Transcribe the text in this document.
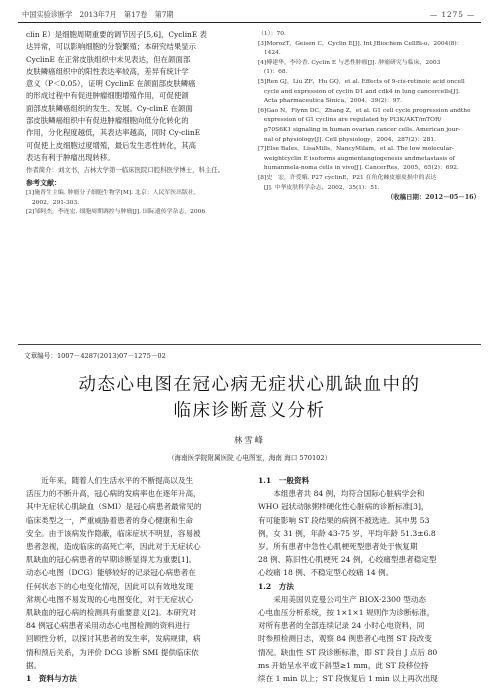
中国实验诊断学　2013年7月　第17卷　第7期	— 1275 —

clin E）是细胞周期重要的调节因子[5,6]，CyclinE 表

达异常，可以影响细胞的分裂繁殖；本研究结果显示

CyclinE 在正常皮肤组织中未见表达，但在颌面部

皮肤鳞癌组织中的阳性表达率较高，差异有统计学

意义（P＜0.05），证明 CyclinE 在颌面部皮肤鳞癌

的形成过程中有促进肿瘤细胞增殖作用，可促使颌

面部皮肤鳞癌组织的发生、发展。Cy-clinE 在颌面

部皮肤鳞癌组织中有促进肿瘤细胞向低分化转化的

作用，分化程度越低，其表达率越高，同时 Cy-clinE

可促使上皮细胞过度增殖，最后发生恶性转化，其高

表达有利于肿瘤出现转移。

作者简介：刘文书，吉林大学第一临床医院口腔科医学博士，科主任。
参考文献：
[1]施普生主编. 肿瘤分子细胞生物学[M]. 北京：人民军医出版社，
　2002，291-303.
[2]邹阿杰，李连宏. 细胞周期调控与肿瘤[J]. 国际遗传学杂志，2006
（1）：70.
[3]MorozT，Geisen C，Cyclin E[J]. Int JBiochem CellBi-o，2004(8)：
　1424.
[4]傅建华，李玲香. Cyclin E 与恶性肿瘤[J]. 肿瘤研究与临床，2003
　(1)：68.
[5]Ren GJ，Liu ZF，Hu GQ，et al. Effects of 9-cis-retinoic acid oncell
　cycle and expression of cyclin D1 and cdk4 in lung cancercells[J].
　Acta pharmaceutica Sinica，2004，39(2)：97.
[6]Gao N，Flynn DC，Zhang Z，et al. G1 cell cycle progression andthe
　expression of G1 cyclins are regulated by PI3K/AKT/mTOR/
　p70S6K1 signaling in human ovarian cancer cells. American jour-
　nal of physiology[J]. Cell physiology，2004，287(2)：281.
[7]Else Bales，LisaMills，NancyMilam，et al. The low molecular-
　weightcyclin E isoforms augmentangiogenesis andmetastasis of
　humanmela-noma cells in vivo[J]. CancerRes，2005，65(2)：692.
[8]史　宏，许爱娥. P27 cyclinE，P21 在角化棘皮瘤皮损中的表达
　[J]. 中华皮肤科学杂志，2002，35(1)：51.
（收稿日期：2012－05－16）
文章编号：1007－4287(2013)07－1275－02
动态心电图在冠心病无症状心肌缺血中的
临床诊断意义分析
林雪峰
（海南医学院附属医院 心电图室，海南 海口 570102）

近年来，随着人们生活水平的不断提高以及生

活压力的不断升高，冠心病的发病率也在逐年升高，

其中无症状心肌缺血（SMI）是冠心病患者最常见的

临床类型之一，严重威胁着患者的身心健康和生命

安全。由于该病发作隐蔽，临床症状不明显，容易被

患者忽视，造成临床的高死亡率，因此对于无症状心

肌缺血的冠心病患者的早期诊断显得尤为重要[1]。

动态心电图（DCG）能够较好的记录冠心病患者在

任何状态下的心电变化情况，因此可以有效地发现

常规心电图不易发现的心电图变化，对于无症状心

肌缺血的冠心病的检测具有重要意义[2]。本研究对

84 例冠心病患者采用动态心电图检测的资料进行

回顾性分析，以探讨其患者的发生率，发病规律，病

情和预后关系，为评价 DCG 诊断 SMI 提供临床依

据。

1　资料与方法
1.1　一般资料

本组患者共 84 例，均符合国际心脏病学会和

WHO 冠状动脉粥样硬化性心脏病的诊断标准[3]，

有可能影响 ST 段结果的病例不被选进。其中男 53

例，女 31 例，年龄 43-75 岁，平均年龄 51.3±6.8

岁。所有患者中急性心肌梗死型患者处于恢复期

28 例、陈旧性心肌梗死 24 例，心绞痛型患者稳定型

心绞痛 18 例、不稳定型心绞痛 14 例。

1.2　方法

采用美国贝克曼公司生产 BIOX-2300 型动态

心电血压分析系统，按 1×1×1 规则作为诊断标准，

对所有患者的全部连续记录 24 小时心电资料，同

时参照检测日志，观察 84 例患者心电图 ST 段改变

情况。缺血性 ST 段诊断标准，即 ST 段自 J 点后 80

ms 开始呈水平或下斜型≥1 mm，此 ST 段移位持

续在 1 min 以上；ST 段恢复后 1 min 以上再次出现
